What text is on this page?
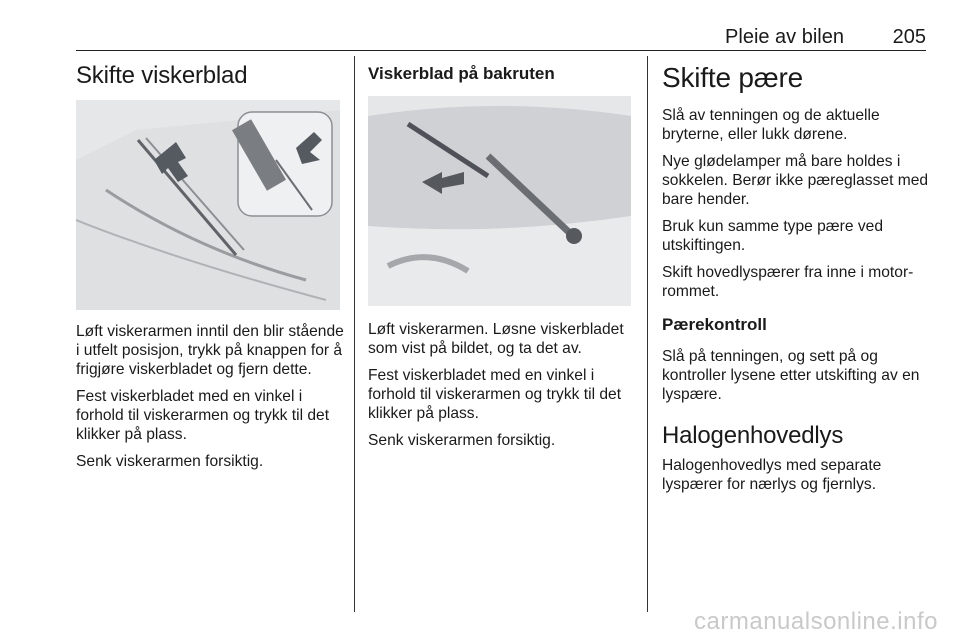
Pleie av bilen 205
Skifte viskerblad

Løft viskerarmen inntil den blir stående i utfelt posisjon, trykk på knappen for å frigjøre viskerbladet og fjern dette.

Fest viskerbladet med en vinkel i forhold til viskerarmen og trykk til det klikker på plass.

Senk viskerarmen forsiktig.

Viskerblad på bakruten

Løft viskerarmen. Løsne viskerbladet som vist på bildet, og ta det av.

Fest viskerbladet med en vinkel i forhold til viskerarmen og trykk til det klikker på plass.

Senk viskerarmen forsiktig.

Skifte pære

Slå av tenningen og de aktuelle bryterne, eller lukk dørene.

Nye glødelamper må bare holdes i sokkelen. Berør ikke pæreglasset med bare hender.

Bruk kun samme type pære ved utskiftingen.

Skift hovedlyspærer fra inne i motor-rommet.

Pærekontroll

Slå på tenningen, og sett på og kontroller lysene etter utskifting av en lyspære.

Halogenhovedlys

Halogenhovedlys med separate lyspærer for nærlys og fjernlys.

carmanualsonline.info
